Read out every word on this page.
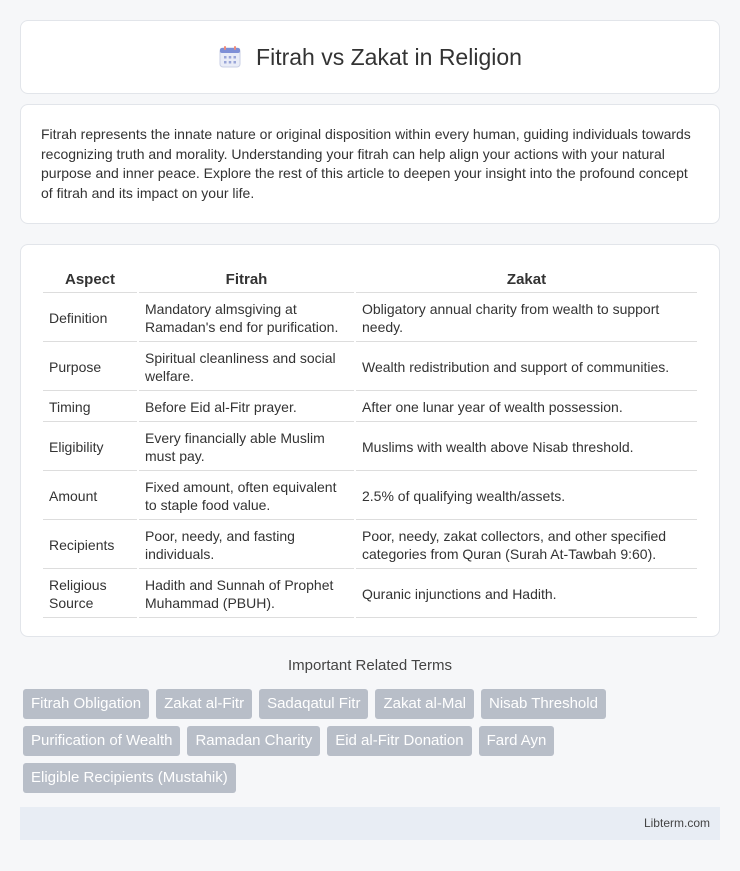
Fitrah vs Zakat in Religion

Fitrah represents the innate nature or original disposition within every human, guiding individuals towards recognizing truth and morality. Understanding your fitrah can help align your actions with your natural purpose and inner peace. Explore the rest of this article to deepen your insight into the profound concept of fitrah and its impact on your life.

Aspect	Fitrah	Zakat
Definition	Mandatory almsgiving at Ramadan's end for purification.	Obligatory annual charity from wealth to support needy.
Purpose	Spiritual cleanliness and social welfare.	Wealth redistribution and support of communities.
Timing	Before Eid al-Fitr prayer.	After one lunar year of wealth possession.
Eligibility	Every financially able Muslim must pay.	Muslims with wealth above Nisab threshold.
Amount	Fixed amount, often equivalent to staple food value.	2.5% of qualifying wealth/assets.
Recipients	Poor, needy, and fasting individuals.	Poor, needy, zakat collectors, and other specified categories from Quran (Surah At-Tawbah 9:60).
Religious Source	Hadith and Sunnah of Prophet Muhammad (PBUH).	Quranic injunctions and Hadith.
Important Related Terms
Fitrah Obligation	Zakat al-Fitr	Sadaqatul Fitr	Zakat al-Mal	Nisab Threshold
Purification of Wealth	Ramadan Charity	Eid al-Fitr Donation	Fard Ayn
Eligible Recipients (Mustahik)
Libterm.com
